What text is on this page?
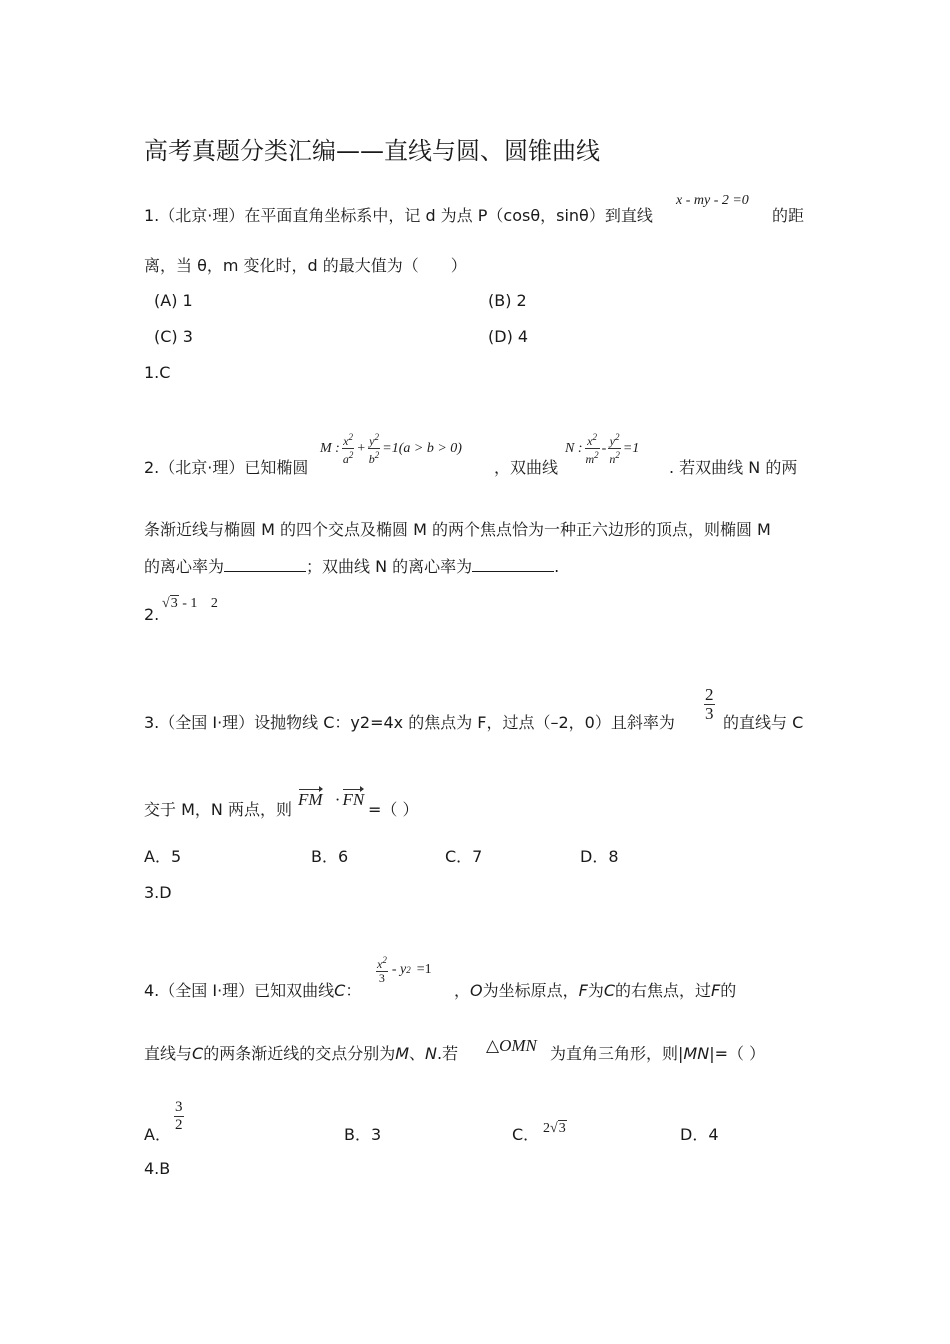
高考真题分类汇编——直线与圆、圆锥曲线
1.（北京·理）在平面直角坐标系中，记 d 为点 P（cosθ，sinθ）到直线
x - my - 2 =0
的距
离，当 θ，m 变化时，d 的最大值为（　　）
(A) 1	(B) 2
(C) 3	(D) 4
1.C
2.（北京·理）已知椭圆
M : $\frac{x^2}{a^2} + \frac{y^2}{b^2} =1(a > b > 0)$
，双曲线
N : $\frac{x^2}{m^2} - \frac{y^2}{n^2} =1$
. 若双曲线 N 的两
条渐近线与椭圆 M 的四个交点及椭圆 M 的两个焦点恰为一种正六边形的顶点，则椭圆 M
的离心率为	；双曲线 N 的离心率为	.
2.
√3 - 1 2
3.（全国 I·理）设抛物线 C：y2=4x 的焦点为 F，过点（–2，0）且斜率为 $\frac{2}{3}$ 的直线与 C
交于 M，N 两点，则
FM · FN
=（ ）
A．5	B．6	C．7	D．8
3.D
4.（全国 I·理）已知双曲线C：
$\frac{x^2}{3}$ - y 2 =1
，O为坐标原点，F为C的右焦点，过F的
直线与C的两条渐近线的交点分别为M、N.若 △OMN 为直角三角形，则|MN|=（ ）
A．
$\frac{3}{2}$
B．3	C． 2√3	D．4
4.B
